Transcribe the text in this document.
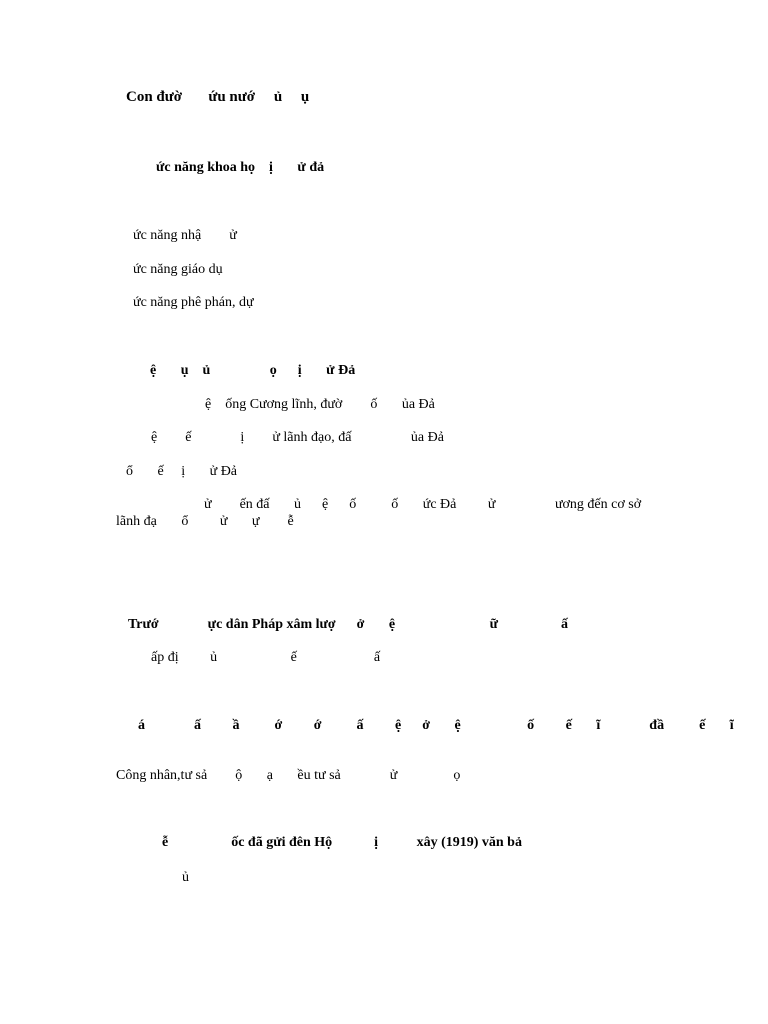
Con đườ       ứu nướ     ủ     ụ
ức năng khoa họ    ị       ử đả
ức năng nhậ        ử
ức năng giáo dụ
ức năng phê phán, dự
ệ       ụ    ủ                 ọ      ị       ử Đả
ệ    ống Cương lĩnh, đườ        ố       ủa Đả
ệ        ế              ị        ử lãnh đạo, đấ                 ủa Đả
ổ       ế     ị       ử Đả
ử        ến đấ       ủ      ệ      ố          ố       ức Đả         ử                 ương đến cơ sở
lãnh đạ       ổ         ử       ự        ễ
Trướ              ực dân Pháp xâm lượ      ở       ệ                           ữ                  ấ
ấp đị         ủ                     ế                      ấ
á              ấ         ầ          ớ         ớ          ấ         ệ      ở       ệ                   ố         ế       ĩ              đầ          ế       ĩ
Công nhân,tư sả        ộ       ạ       ều tư sả              ử                ọ
ễ                  ốc đã gửi đên Hộ            ị           xây (1919) văn bả
ủ
